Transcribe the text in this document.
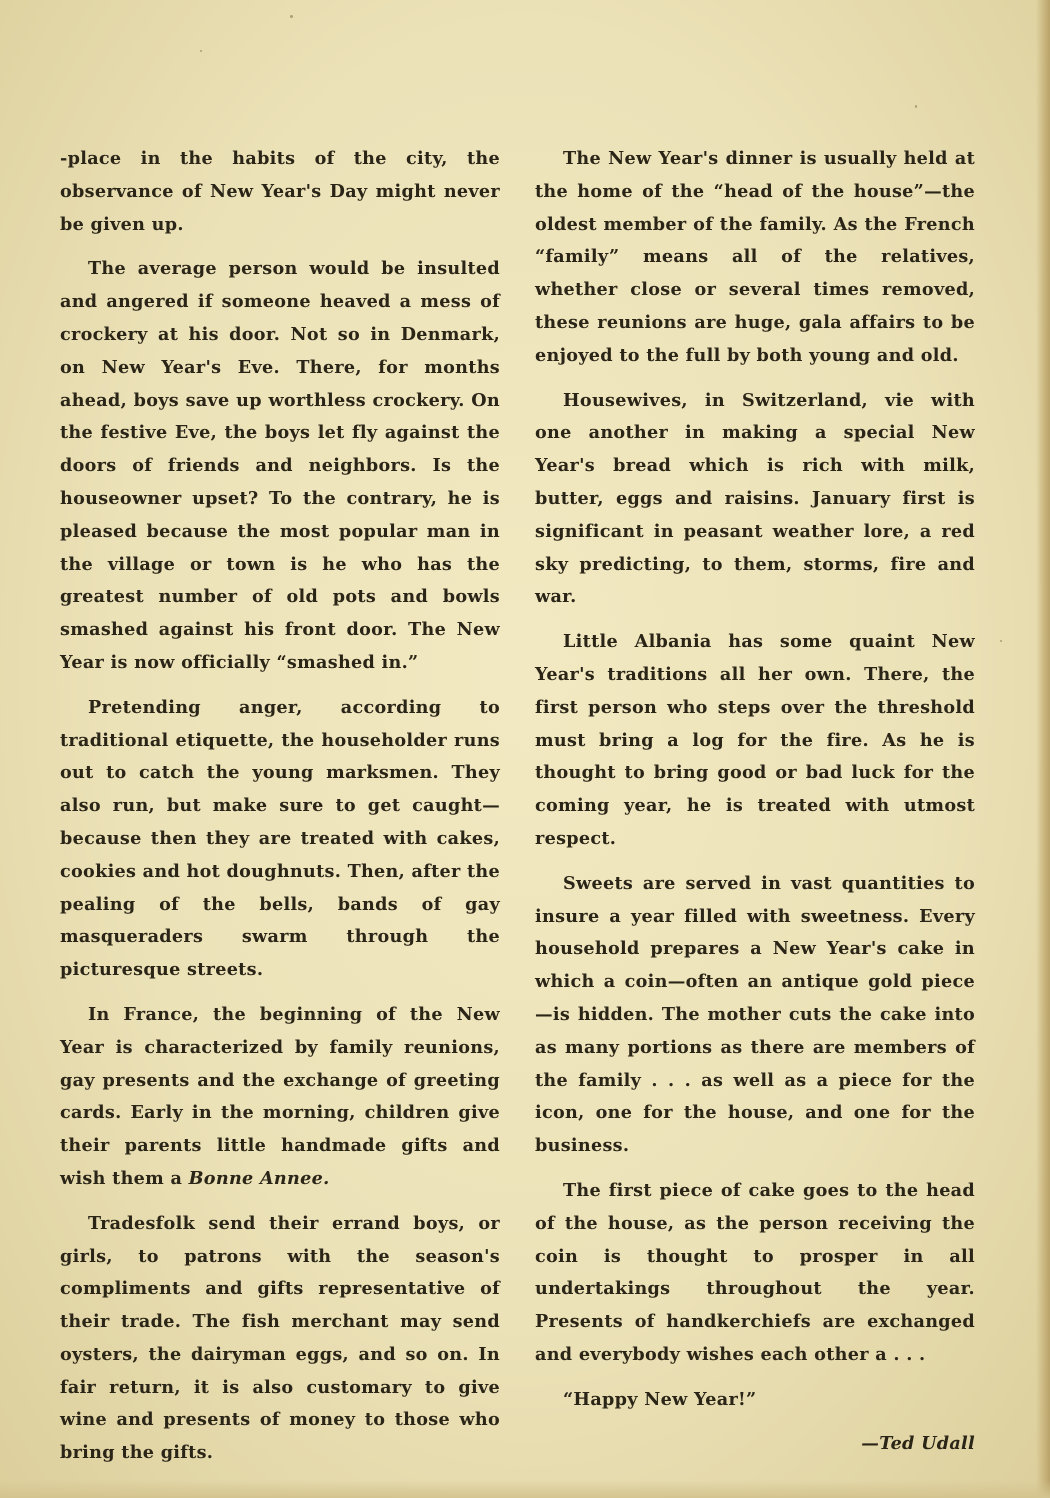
-place in the habits of the city, the observance of New Year's Day might never be given up.

The average person would be insulted and angered if someone heaved a mess of crockery at his door. Not so in Denmark, on New Year's Eve. There, for months ahead, boys save up worthless crockery. On the festive Eve, the boys let fly against the doors of friends and neighbors. Is the houseowner upset? To the contrary, he is pleased because the most popular man in the village or town is he who has the greatest number of old pots and bowls smashed against his front door. The New Year is now officially “smashed in.”

Pretending anger, according to traditional etiquette, the householder runs out to catch the young marksmen. They also run, but make sure to get caught—because then they are treated with cakes, cookies and hot doughnuts. Then, after the pealing of the bells, bands of gay masqueraders swarm through the picturesque streets.

In France, the beginning of the New Year is characterized by family reunions, gay presents and the exchange of greeting cards. Early in the morning, children give their parents little handmade gifts and wish them a Bonne Annee.

Tradesfolk send their errand boys, or girls, to patrons with the season's compliments and gifts representative of their trade. The fish merchant may send oysters, the dairyman eggs, and so on. In fair return, it is also customary to give wine and presents of money to those who bring the gifts.

The New Year's dinner is usually held at the home of the “head of the house”—the oldest member of the family. As the French “family” means all of the relatives, whether close or several times removed, these reunions are huge, gala affairs to be enjoyed to the full by both young and old.

Housewives, in Switzerland, vie with one another in making a special New Year's bread which is rich with milk, butter, eggs and raisins. January first is significant in peasant weather lore, a red sky predicting, to them, storms, fire and war.

Little Albania has some quaint New Year's traditions all her own. There, the first person who steps over the threshold must bring a log for the fire. As he is thought to bring good or bad luck for the coming year, he is treated with utmost respect.

Sweets are served in vast quantities to insure a year filled with sweetness. Every household prepares a New Year's cake in which a coin—often an antique gold piece—is hidden. The mother cuts the cake into as many portions as there are members of the family . . . as well as a piece for the icon, one for the house, and one for the business.

The first piece of cake goes to the head of the house, as the person receiving the coin is thought to prosper in all undertakings throughout the year. Presents of handkerchiefs are exchanged and everybody wishes each other a . . .

“Happy New Year!”

—Ted Udall
